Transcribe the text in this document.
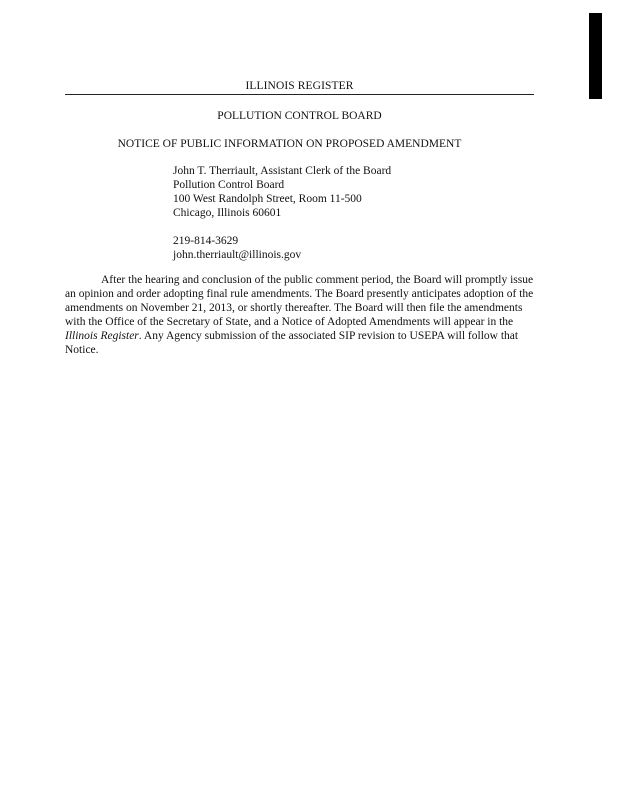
ILLINOIS REGISTER
POLLUTION CONTROL BOARD
NOTICE OF PUBLIC INFORMATION ON PROPOSED AMENDMENT
John T. Therriault, Assistant Clerk of the Board
Pollution Control Board
100 West Randolph Street, Room 11-500
Chicago, Illinois 60601
219-814-3629
john.therriault@illinois.gov

After the hearing and conclusion of the public comment period, the Board will promptly issue an opinion and order adopting final rule amendments. The Board presently anticipates adoption of the amendments on November 21, 2013, or shortly thereafter. The Board will then file the amendments with the Office of the Secretary of State, and a Notice of Adopted Amendments will appear in the Illinois Register. Any Agency submission of the associated SIP revision to USEPA will follow that Notice.
